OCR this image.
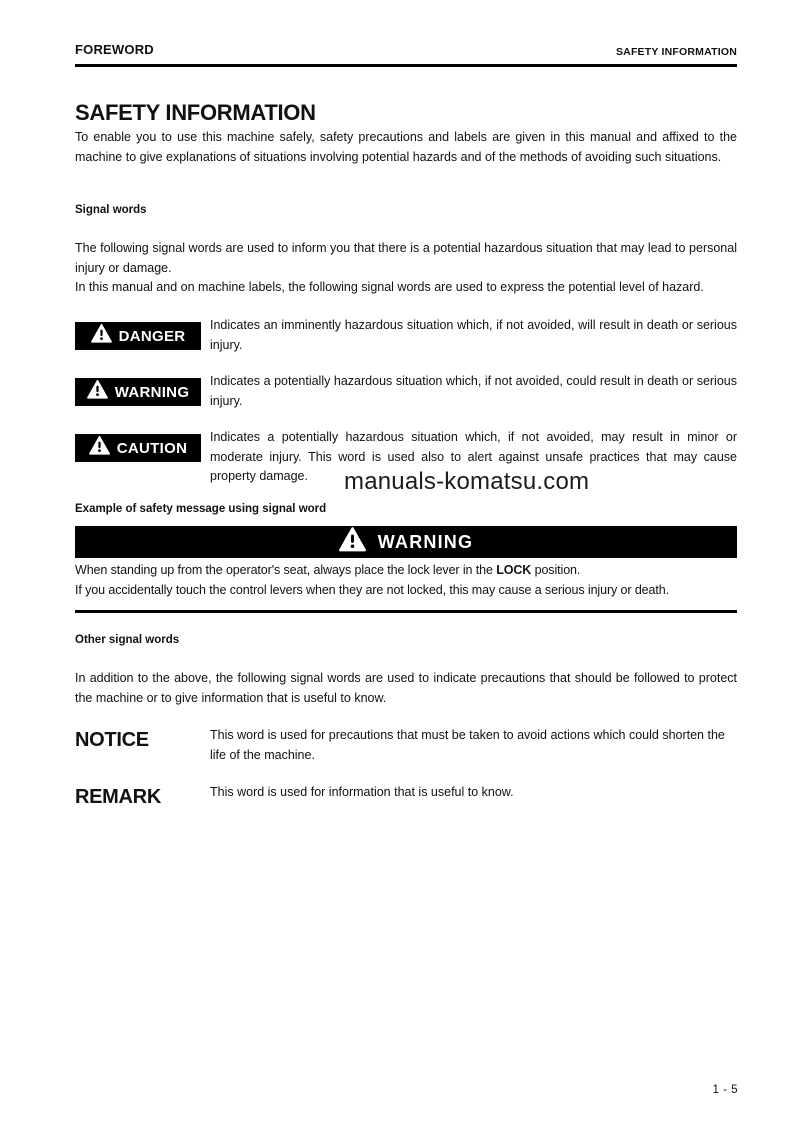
FOREWORD	SAFETY INFORMATION
SAFETY INFORMATION

To enable you to use this machine safely, safety precautions and labels are given in this manual and affixed to the machine to give explanations of situations involving potential hazards and of the methods of avoiding such situations.

Signal words
The following signal words are used to inform you that there is a potential hazardous situation that may lead to personal injury or damage.
In this manual and on machine labels, the following signal words are used to express the potential level of hazard.
DANGER

Indicates an imminently hazardous situation which, if not avoided, will result in death or serious injury.

WARNING

Indicates a potentially hazardous situation which, if not avoided, could result in death or serious injury.

CAUTION

Indicates a potentially hazardous situation which, if not avoided, may result in minor or moderate injury. This word is used also to alert against unsafe practices that may cause property damage.	manuals-komatsu.com
Example of safety message using signal word
WARNING
When standing up from the operator's seat, always place the lock lever in the LOCK position.
If you accidentally touch the control levers when they are not locked, this may cause a serious injury or death.
Other signal words

In addition to the above, the following signal words are used to indicate precautions that should be followed to protect the machine or to give information that is useful to know.

NOTICE	This word is used for precautions that must be taken to avoid actions which could shorten the life of the machine.

REMARK	This word is used for information that is useful to know.

1 - 5
